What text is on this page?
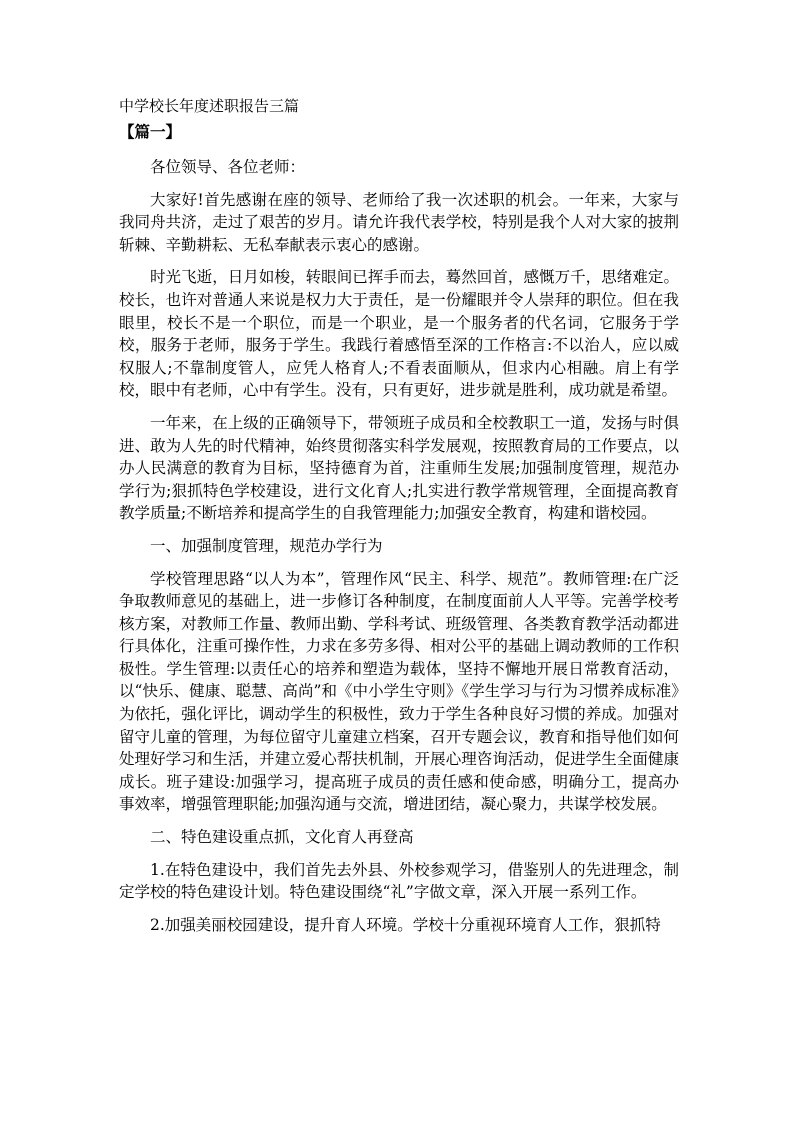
中学校长年度述职报告三篇
【篇一】

各位领导、各位老师：

大家好!首先感谢在座的领导、老师给了我一次述职的机会。一年来，大家与我同舟共济，走过了艰苦的岁月。请允许我代表学校，特别是我个人对大家的披荆斩棘、辛勤耕耘、无私奉献表示衷心的感谢。

时光飞逝，日月如梭，转眼间已挥手而去，蓦然回首，感慨万千，思绪难定。校长，也许对普通人来说是权力大于责任，是一份耀眼并令人崇拜的职位。但在我眼里，校长不是一个职位，而是一个职业，是一个服务者的代名词，它服务于学校，服务于老师，服务于学生。我践行着感悟至深的工作格言:不以治人，应以威权服人;不靠制度管人，应凭人格育人;不看表面顺从，但求内心相融。肩上有学校，眼中有老师，心中有学生。没有，只有更好，进步就是胜利，成功就是希望。

一年来，在上级的正确领导下，带领班子成员和全校教职工一道，发扬与时俱进、敢为人先的时代精神，始终贯彻落实科学发展观，按照教育局的工作要点，以办人民满意的教育为目标，坚持德育为首，注重师生发展;加强制度管理，规范办学行为;狠抓特色学校建设，进行文化育人;扎实进行教学常规管理，全面提高教育教学质量;不断培养和提高学生的自我管理能力;加强安全教育，构建和谐校园。

一、加强制度管理，规范办学行为

学校管理思路“以人为本”，管理作风“民主、科学、规范”。教师管理:在广泛争取教师意见的基础上，进一步修订各种制度，在制度面前人人平等。完善学校考核方案，对教师工作量、教师出勤、学科考试、班级管理、各类教育教学活动都进行具体化，注重可操作性，力求在多劳多得、相对公平的基础上调动教师的工作积极性。学生管理:以责任心的培养和塑造为载体，坚持不懈地开展日常教育活动，以“快乐、健康、聪慧、高尚”和《中小学生守则》《学生学习与行为习惯养成标准》为依托，强化评比，调动学生的积极性，致力于学生各种良好习惯的养成。加强对留守儿童的管理，为每位留守儿童建立档案，召开专题会议，教育和指导他们如何处理好学习和生活，并建立爱心帮扶机制，开展心理咨询活动，促进学生全面健康成长。班子建设:加强学习，提高班子成员的责任感和使命感，明确分工，提高办事效率，增强管理职能;加强沟通与交流，增进团结，凝心聚力，共谋学校发展。

二、特色建设重点抓，文化育人再登高

1.在特色建设中，我们首先去外县、外校参观学习，借鉴别人的先进理念，制定学校的特色建设计划。特色建设围绕“礼”字做文章，深入开展一系列工作。

2.加强美丽校园建设，提升育人环境。学校十分重视环境育人工作，狠抓特
